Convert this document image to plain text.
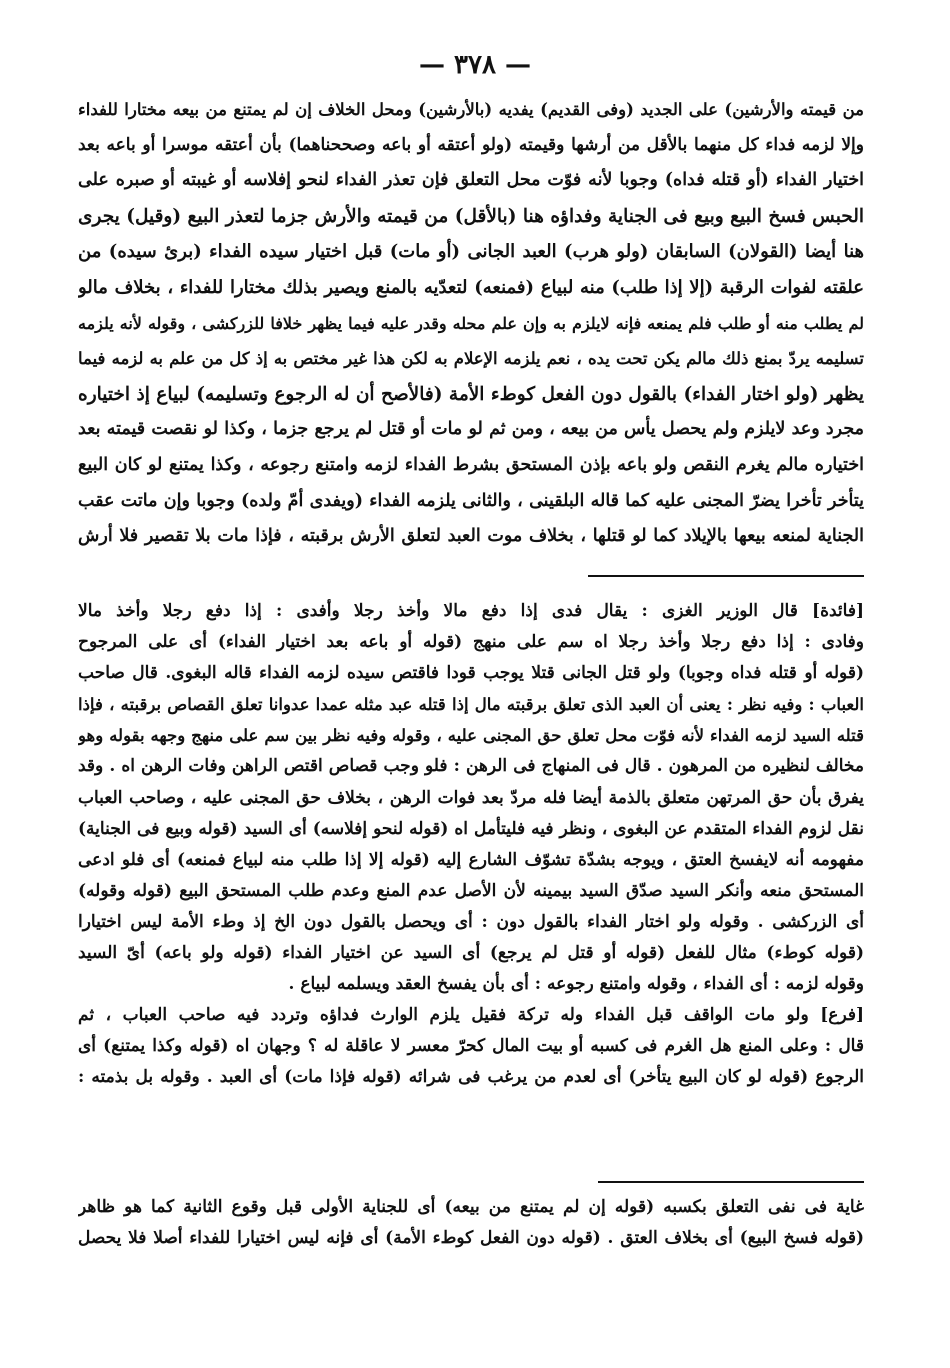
— ٣٧٨ —
من قيمته والأرشين) على الجديد (وفى القديم) يفديه (بالأرشين) ومحل الخلاف إن لم يمتنع من بيعه مختارا للفداء
وإلا لزمه فداء كل منهما بالأقل من أرشها وقيمته (ولو أعتقه أو باعه وصححناهما) بأن أعتقه موسرا أو باعه بعد
اختيار الفداء (أو قتله فداه) وجوبا لأنه فوّت محل التعلق فإن تعذر الفداء لنحو إفلاسه أو غيبته أو صبره على
الحبس فسخ البيع وبيع فى الجناية وفداؤه هنا (بالأقل) من قيمته والأرش جزما لتعذر البيع (وقيل) يجرى
هنا أيضا (القولان) السابقان (ولو هرب) العبد الجانى (أو مات) قبل اختيار سيده الفداء (برئ سيده) من
علقته لفوات الرقبة (إلا إذا طلب) منه لبياع (فمنعه) لتعدّيه بالمنع ويصير بذلك مختارا للفداء ، بخلاف مالو
لم يطلب منه أو طلب فلم يمنعه فإنه لايلزم به وإن علم محله وقدر عليه فيما يظهر خلافا للزركشى ، وقوله لأنه يلزمه
تسليمه يردّ بمنع ذلك مالم يكن تحت يده ، نعم يلزمه الإعلام به لكن هذا غير مختص به إذ كل من علم به لزمه فيما
يظهر (ولو اختار الفداء) بالقول دون الفعل كوطء الأمة (فالأصح أن له الرجوع وتسليمه) لبياع إذ اختياره
مجرد وعد لايلزم ولم يحصل يأس من بيعه ، ومن ثم لو مات أو قتل لم يرجع جزما ، وكذا لو نقصت قيمته بعد
اختياره مالم يغرم النقص ولو باعه بإذن المستحق بشرط الفداء لزمه وامتنع رجوعه ، وكذا يمتنع لو كان البيع
يتأخر تأخرا يضرّ المجنى عليه كما قاله البلقينى ، والثانى يلزمه الفداء (ويفدى أمّ ولده) وجوبا وإن ماتت عقب
الجناية لمنعه بيعها بالإيلاد كما لو قتلها ، بخلاف موت العبد لتعلق الأرش برقبته ، فإذا مات بلا تقصير فلا أرش
[فائدة] قال الوزير الغزى : يقال فدى إذا دفع مالا وأخذ رجلا وأفدى : إذا دفع رجلا وأخذ مالا
وفادى : إذا دفع رجلا وأخذ رجلا اه سم على منهج (قوله أو باعه بعد اختيار الفداء) أى على المرجوح
(قوله أو قتله فداه وجوبا) ولو قتل الجانى قتلا يوجب قودا فاقتص سيده لزمه الفداء قاله البغوى. قال صاحب
العباب : وفيه نظر : يعنى أن العبد الذى تعلق برقبته مال إذا قتله عبد مثله عمدا عدوانا تعلق القصاص برقبته ، فإذا
قتله السيد لزمه الفداء لأنه فوّت محل تعلق حق المجنى عليه ، وقوله وفيه نظر بين سم على منهج وجهه بقوله وهو
مخالف لنظيره من المرهون . قال فى المنهاج فى الرهن : فلو وجب قصاص اقتص الراهن وفات الرهن اه . وقد
يفرق بأن حق المرتهن متعلق بالذمة أيضا فله مردّ بعد فوات الرهن ، بخلاف حق المجنى عليه ، وصاحب العباب
نقل لزوم الفداء المتقدم عن البغوى ، ونظر فيه فليتأمل اه (قوله لنحو إفلاسه) أى السيد (قوله وبيع فى الجناية)
مفهومه أنه لايفسخ العتق ، ويوجه بشدّة تشوّف الشارع إليه (قوله إلا إذا طلب منه لبياع فمنعه) أى فلو ادعى
المستحق منعه وأنكر السيد صدّق السيد بيمينه لأن الأصل عدم المنع وعدم طلب المستحق البيع (قوله وقوله)
أى الزركشى . وقوله ولو اختار الفداء بالقول دون : أى ويحصل بالقول دون الخ إذ وطء الأمة ليس اختيارا
(قوله كوطء) مثال للفعل (قوله أو قتل لم يرجع) أى السيد عن اختيار الفداء (قوله ولو باعه) أىّ السيد
وقوله لزمه : أى الفداء ، وقوله وامتنع رجوعه : أى بأن يفسخ العقد ويسلمه لبياع .
[فرع] ولو مات الواقف قبل الفداء وله تركة فقيل يلزم الوارث فداؤه وتردد فيه صاحب العباب ، ثم
قال : وعلى المنع هل الغرم فى كسبه أو بيت المال كحرّ معسر لا عاقلة له ؟ وجهان اه (قوله وكذا يمتنع) أى
الرجوع (قوله لو كان البيع يتأخر) أى لعدم من يرغب فى شرائه (قوله فإذا مات) أى العبد . وقوله بل بذمته :
غاية فى نفى التعلق بكسبه (قوله إن لم يمتنع من بيعه) أى للجناية الأولى قبل وقوع الثانية كما هو ظاهر
(قوله فسخ البيع) أى بخلاف العتق . (قوله دون الفعل كوطء الأمة) أى فإنه ليس اختيارا للفداء أصلا فلا يحصل
